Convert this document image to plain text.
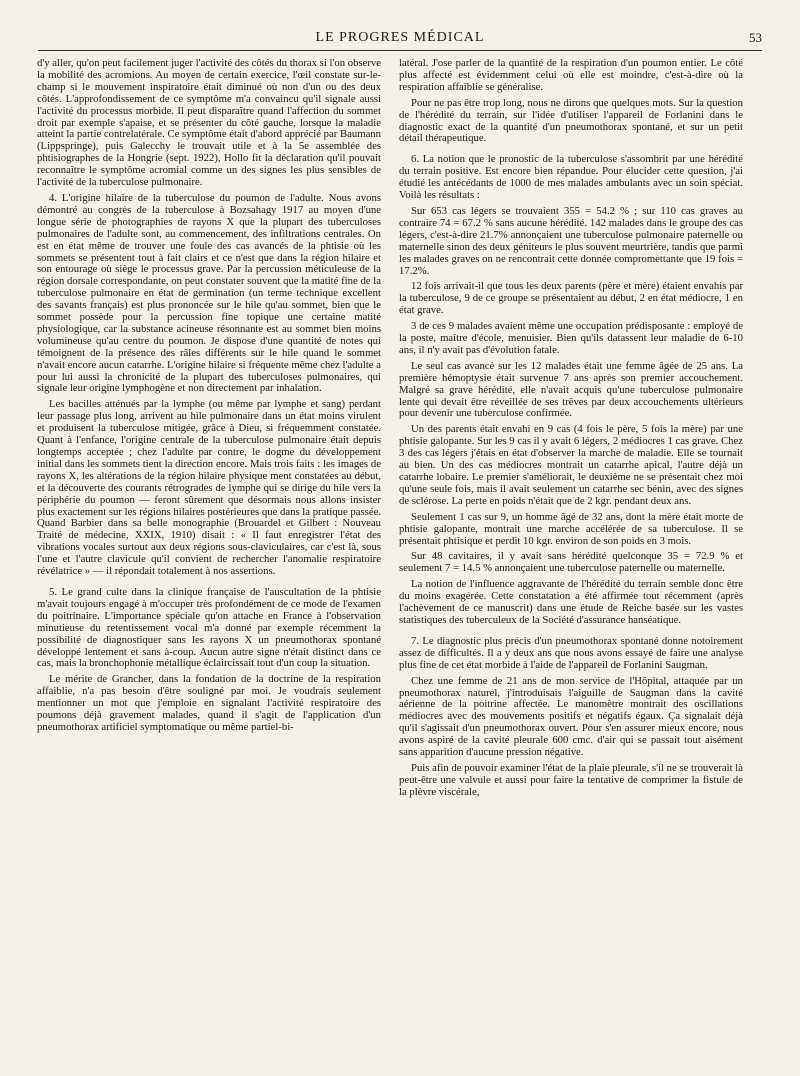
LE PROGRES MÉDICAL	53

d'y aller, qu'on peut facilement juger l'activité des côtés du thorax si l'on observe la mobilité des acromions. Au moyen de certain exercice, l'œil constate sur-le-champ si le mouvement inspiratoire était diminué où non d'un ou des deux côtés. L'approfondissement de ce symptôme m'a convaincu qu'il signale aussi l'activité du processus morbide. Il peut disparaître quand l'affection du sommet droit par exemple s'apaise, et se présenter du côté gauche, lorsque la maladie atteint la partie contrelatérale. Ce symptôme était d'abord apprécié par Baumann (Lippspringe), puis Galecchy le trouvait utile et à la 5e assemblée des phtisiographes de la Hongrie (sept. 1922), Hollo fit la déclaration qu'il pouvait reconnaître le symptôme acromial comme un des signes les plus sensibles de l'activité de la tuberculose pulmonaire.

4. L'origine hilaire de la tuberculose du poumon de l'adulte. Nous avons démontré au congrès de la tuberculose à Bozsahagy 1917 au moyen d'une longue série de photographies de rayons X que la plupart des tuberculoses pulmonaires de l'adulte sont, au commencement, des infiltrations centrales. On est en état même de trouver une foule des cas avancés de la phtisie où les sommets se présentent tout à fait clairs et ce n'est que dans la région hilaire et son entourage où siège le processus grave. Par la percussion méticuleuse de la région dorsale correspondante, on peut constater souvent que la matité fine de la tuberculose pulmonaire en état de germination (un terme technique excellent des savants français) est plus prononcée sur le hile qu'au sommet, bien que le sommet possède pour la percussion fine topique une certaine matité physiologique, car la substance acineuse résonnante est au sommet bien moins volumineuse qu'au centre du poumon. Je dispose d'une quantité de notes qui témoignent de la présence des râles différents sur le hile quand le sommet n'avait encore aucun catarrhe. L'origine hilaire si fréquente même chez l'adulte a pour lui aussi la chronicité de la plupart des tuberculoses pulmonaires, qui signale leur origine lymphogène et non directement par inhalation.

Les bacilles atténués par la lymphe (ou même par lymphe et sang) perdant leur passage plus long, arrivent au hile pulmonaire dans un état moins virulent et produisent la tuberculose mitigée, grâce à Dieu, si fréquemment constatée. Quant à l'enfance, l'origine centrale de la tuberculose pulmonaire était depuis longtemps acceptée ; chez l'adulte par contre, le dogme du développement initial dans les sommets tient la direction encore. Mais trois faits : les images de rayons X, les altérations de la région hilaire physique ment constatées au début, et la découverte des courants rétrogrades de lymphe qui se dirige du hile vers la périphérie du poumon — feront sûrement que désormais nous allons insister plus exactement sur les régions hilaires postérieures que dans la pratique passée. Quand Barbier dans sa belle monographie (Brouardel et Gilbert : Nouveau Traité de médecine, XXIX, 1910) disait : « Il faut enregistrer l'état des vibrations vocales surtout aux deux régions sous-claviculaires, car c'est là, sous l'une et l'autre clavicule qu'il convient de rechercher l'anomalie respiratoire révélatrice » — il répondait totalement à nos assertions.

5. Le grand culte dans la clinique française de l'auscultation de la phtisie m'avait toujours engagé à m'occuper très profondément de ce mode de l'examen du poitrinaire. L'importance spéciale qu'on attache en France à l'observation minutieuse du retentissement vocal m'a donné par exemple récemment la possibilité de diagnostiquer sans les rayons X un pneumothorax spontané développé lentement et sans à-coup. Aucun autre signe n'était distinct dans ce cas, mais la bronchophonie métallique éclaircissait tout d'un coup la situation.

Le mérite de Grancher, dans la fondation de la doctrine de la respiration affaiblie, n'a pas besoin d'être souligné par moi. Je voudrais seulement mentionner un mot que j'emploie en signalant l'activité respiratoire des poumons déjà gravement malades, quand il s'agit de l'application d'un pneumothorax artificiel symptomatique ou même partiel-bi-

latéral. J'ose parler de la quantité de la respiration d'un poumon entier. Le côté plus affecté est évidemment celui où elle est moindre, c'est-à-dire où la respiration affaiblie se généralise.

Pour ne pas être trop long, nous ne dirons que quelques mots. Sur la question de l'hérédité du terrain, sur l'idée d'utiliser l'appareil de Forlanini dans le diagnostic exact de la quantité d'un pneumothorax spontané, et sur un petit détail thérapeutique.

6. La notion que le pronostic de la tuberculose s'assombrit par une hérédité du terrain positive. Est encore bien répandue. Pour élucider cette question, j'ai étudié les antécédants de 1000 de mes malades ambulants avec un soin spéciat. Voilà les résultats :

Sur 653 cas légers se trouvaient 355 = 54.2 % ; sur 110 cas graves au contraire 74 = 67.2 % sans aucune hérédité. 142 malades dans le groupe des cas légers, c'est-à-dire 21.7% annonçaient une tuberculose pulmonaire paternelle ou maternelle sinon des deux géniteurs le plus souvent meurtrière, tandis que parmi les malades graves on ne rencontrait cette donnée compromettante que 19 fois = 17.2%.

12 fois arrivait-il que tous les deux parents (père et mère) étaient envahis par la tuberculose, 9 de ce groupe se présentaient au début, 2 en état médiocre, 1 en état grave.

3 de ces 9 malades avaient même une occupation prédisposante : employé de la poste, maître d'école, menuisier. Bien qu'ils datassent leur maladie de 6-10 ans, il n'y avait pas d'évolution fatale.

Le seul cas avancé sur les 12 malades était une femme âgée de 25 ans. La première hémoptysie était survenue 7 ans après son premier accouchement. Malgré sa grave hérédité, elle n'avait acquis qu'une tuberculose pulmonaire lente qui devait être réveillée de ses trêves par deux accouchements ultérieurs pour devenir une tuberculose confirmée.

Un des parents était envahi en 9 cas (4 fois le père, 5 fois la mère) par une phtisie galopante. Sur les 9 cas il y avait 6 légers, 2 médiocres 1 cas grave. Chez 3 des cas légers j'étais en état d'observer la marche de maladie. Elle se tournait au bien. Un des cas médiocres montrait un catarrhe apical, l'autre déjà un catarrhe lobaire. Le premier s'améliorait, le deuxième ne se présentait chez moi qu'une seule fois, mais il avait seulement un catarrhe sec bénin, avec des signes de sclérose. La perte en poids n'était que de 2 kgr. pendant deux ans.

Seulement 1 cas sur 9, un homme âgé de 32 ans, dont la mère était morte de phtisie galopante, montrait une marche accélérée de sa tuberculose. Il se présentait phtisique et perdit 10 kgr. environ de son poids en 3 mois.

Sur 48 cavitaires, il y avait sans hérédité quelconque 35 = 72.9 % et seulement 7 = 14.5 % annonçaient une tuberculose paternelle ou maternelle.

La notion de l'influence aggravante de l'hérédité du terrain semble donc être du moins exagérée. Cette constatation a été affirmée tout récemment (après l'achèvement de ce manuscrit) dans une étude de Reiche basée sur les vastes statistiques des tuberculeux de la Société d'assurance hanséatique.

7. Le diagnostic plus précis d'un pneumothorax spontané donne notoirement assez de difficultés. Il a y deux ans que nous avons essayé de faire une analyse plus fine de cet état morbide à l'aide de l'appareil de Forlanini Saugman.

Chez une femme de 21 ans de mon service de l'Hôpital, attaquée par un pneumothorax naturel, j'introduisais l'aiguille de Saugman dans la cavité aérienne de la poitrine affectée. Le manomètre montrait des oscillations médiocres avec des mouvements positifs et négatifs égaux. Ça signalait déjà qu'il s'agissait d'un pneumothorax ouvert. Pour s'en assurer mieux encore, nous avons aspiré de la cavité pleurale 600 cmc. d'air qui se passait tout aisément sans apparition d'aucune pression négative.

Puis afin de pouvoir examiner l'état de la plaie pleurale, s'il ne se trouverait là peut-être une valvule et aussi pour faire la tentative de comprimer la fistule de la plèvre viscérale,
